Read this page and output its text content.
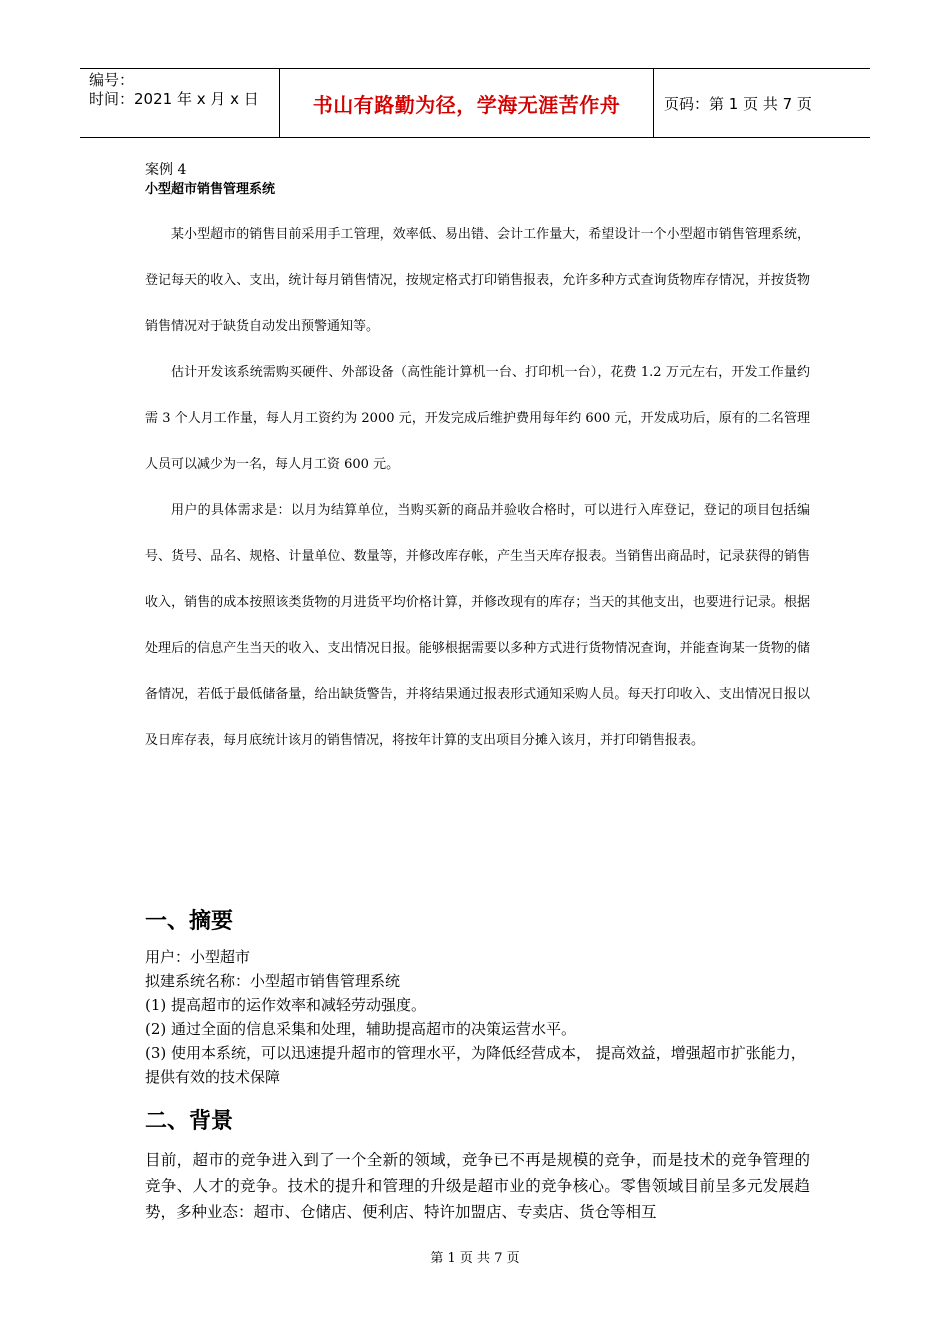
编号：
时间：2021 年 x 月 x 日	书山有路勤为径，学海无涯苦作舟	页码：第 1 页 共 7 页
案例 4
小型超市销售管理系统

某小型超市的销售目前采用手工管理，效率低、易出错、会计工作量大，希望设计一个小型超市销售管理系统，登记每天的收入、支出，统计每月销售情况，按规定格式打印销售报表，允许多种方式查询货物库存情况，并按货物销售情况对于缺货自动发出预警通知等。

估计开发该系统需购买硬件、外部设备（高性能计算机一台、打印机一台），花费 1.2 万元左右，开发工作量约需 3 个人月工作量，每人月工资约为 2000 元，开发完成后维护费用每年约 600 元，开发成功后，原有的二名管理人员可以减少为一名，每人月工资 600 元。

用户的具体需求是：以月为结算单位，当购买新的商品并验收合格时，可以进行入库登记，登记的项目包括编号、货号、品名、规格、计量单位、数量等，并修改库存帐，产生当天库存报表。当销售出商品时，记录获得的销售收入，销售的成本按照该类货物的月进货平均价格计算，并修改现有的库存；当天的其他支出，也要进行记录。根据处理后的信息产生当天的收入、支出情况日报。能够根据需要以多种方式进行货物情况查询，并能查询某一货物的储备情况，若低于最低储备量，给出缺货警告，并将结果通过报表形式通知采购人员。每天打印收入、支出情况日报以及日库存表，每月底统计该月的销售情况，将按年计算的支出项目分摊入该月，并打印销售报表。

一、摘要
用户：小型超市
拟建系统名称：小型超市销售管理系统
(1) 提高超市的运作效率和减轻劳动强度。
(2) 通过全面的信息采集和处理，辅助提高超市的决策运营水平。
(3) 使用本系统，可以迅速提升超市的管理水平，为降低经营成本， 提高效益，增强超市扩张能力， 提供有效的技术保障
二、背景
目前，超市的竞争进入到了一个全新的领域，竞争已不再是规模的竞争，而是技术的竞争管理的竞争、人才的竞争。技术的提升和管理的升级是超市业的竞争核心。零售领域目前呈多元发展趋势，多种业态：超市、仓储店、便利店、特许加盟店、专卖店、货仓等相互
第 1 页 共 7 页
